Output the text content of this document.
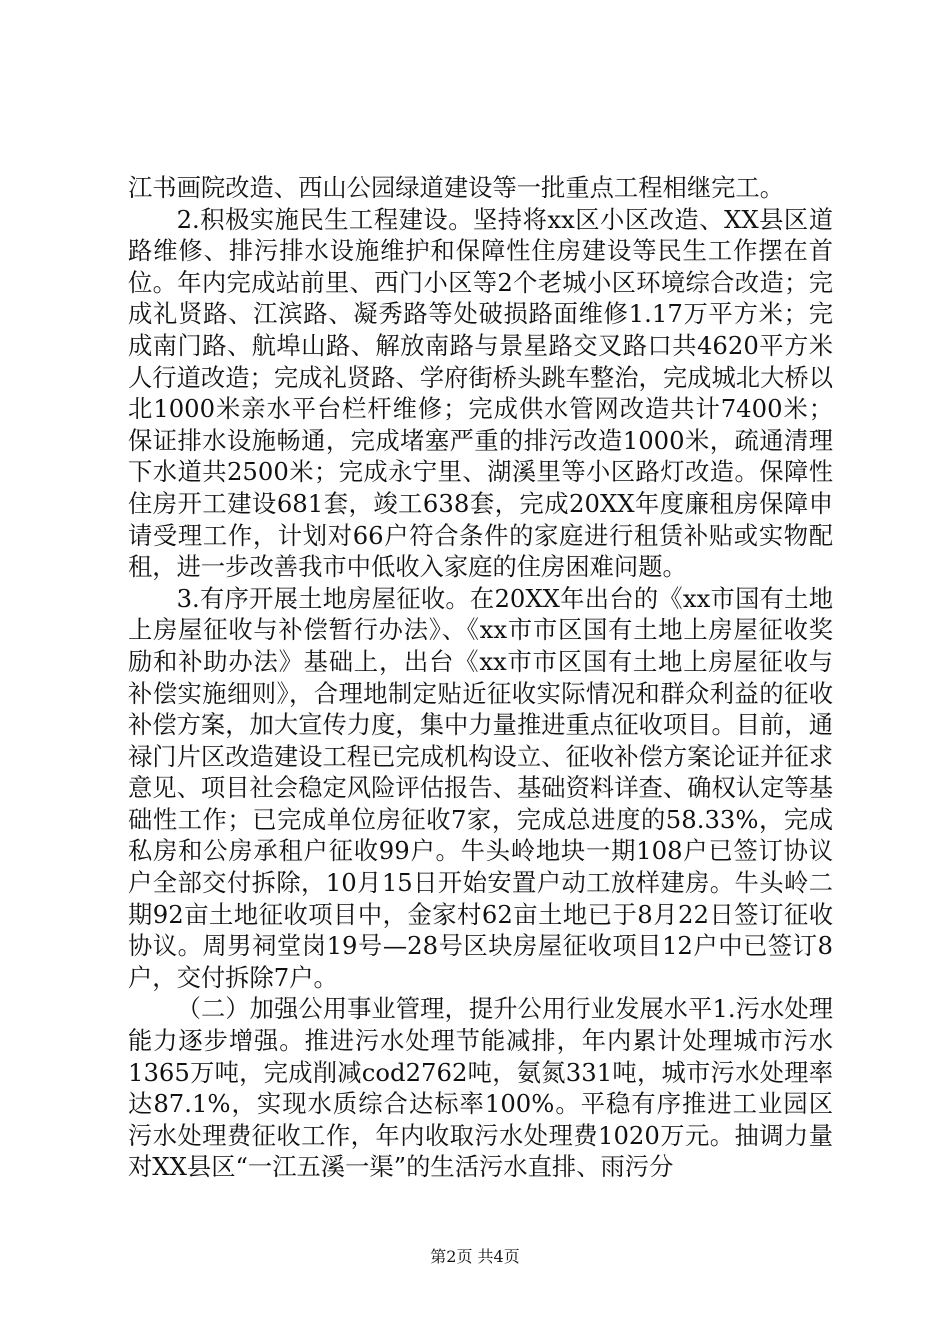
江书画院改造、西山公园绿道建设等一批重点工程相继完工。

2.积极实施民生工程建设。坚持将xx区小区改造、XX县区道路维修、排污排水设施维护和保障性住房建设等民生工作摆在首位。年内完成站前里、西门小区等2个老城小区环境综合改造；完成礼贤路、江滨路、凝秀路等处破损路面维修1.17万平方米；完成南门路、航埠山路、解放南路与景星路交叉路口共4620平方米人行道改造；完成礼贤路、学府街桥头跳车整治，完成城北大桥以北1000米亲水平台栏杆维修；完成供水管网改造共计7400米；保证排水设施畅通，完成堵塞严重的排污改造1000米，疏通清理下水道共2500米；完成永宁里、湖溪里等小区路灯改造。保障性住房开工建设681套，竣工638套，完成20XX年度廉租房保障申请受理工作，计划对66户符合条件的家庭进行租赁补贴或实物配租，进一步改善我市中低收入家庭的住房困难问题。

3.有序开展土地房屋征收。在20XX年出台的《xx市国有土地上房屋征收与补偿暂行办法》、《xx市市区国有土地上房屋征收奖励和补助办法》基础上，出台《xx市市区国有土地上房屋征收与补偿实施细则》，合理地制定贴近征收实际情况和群众利益的征收补偿方案，加大宣传力度，集中力量推进重点征收项目。目前，通禄门片区改造建设工程已完成机构设立、征收补偿方案论证并征求意见、项目社会稳定风险评估报告、基础资料详查、确权认定等基础性工作；已完成单位房征收7家，完成总进度的58.33%，完成私房和公房承租户征收99户。牛头岭地块一期108户已签订协议户全部交付拆除，10月15日开始安置户动工放样建房。牛头岭二期92亩土地征收项目中，金家村62亩土地已于8月22日签订征收协议。周男祠堂岗19号—28号区块房屋征收项目12户中已签订8户，交付拆除7户。

（二）加强公用事业管理，提升公用行业发展水平1.污水处理能力逐步增强。推进污水处理节能减排，年内累计处理城市污水1365万吨，完成削减cod2762吨，氨氮331吨，城市污水处理率达87.1%，实现水质综合达标率100%。平稳有序推进工业园区污水处理费征收工作，年内收取污水处理费1020万元。抽调力量对XX县区“一江五溪一渠”的生活污水直排、雨污分

第2页 共4页
